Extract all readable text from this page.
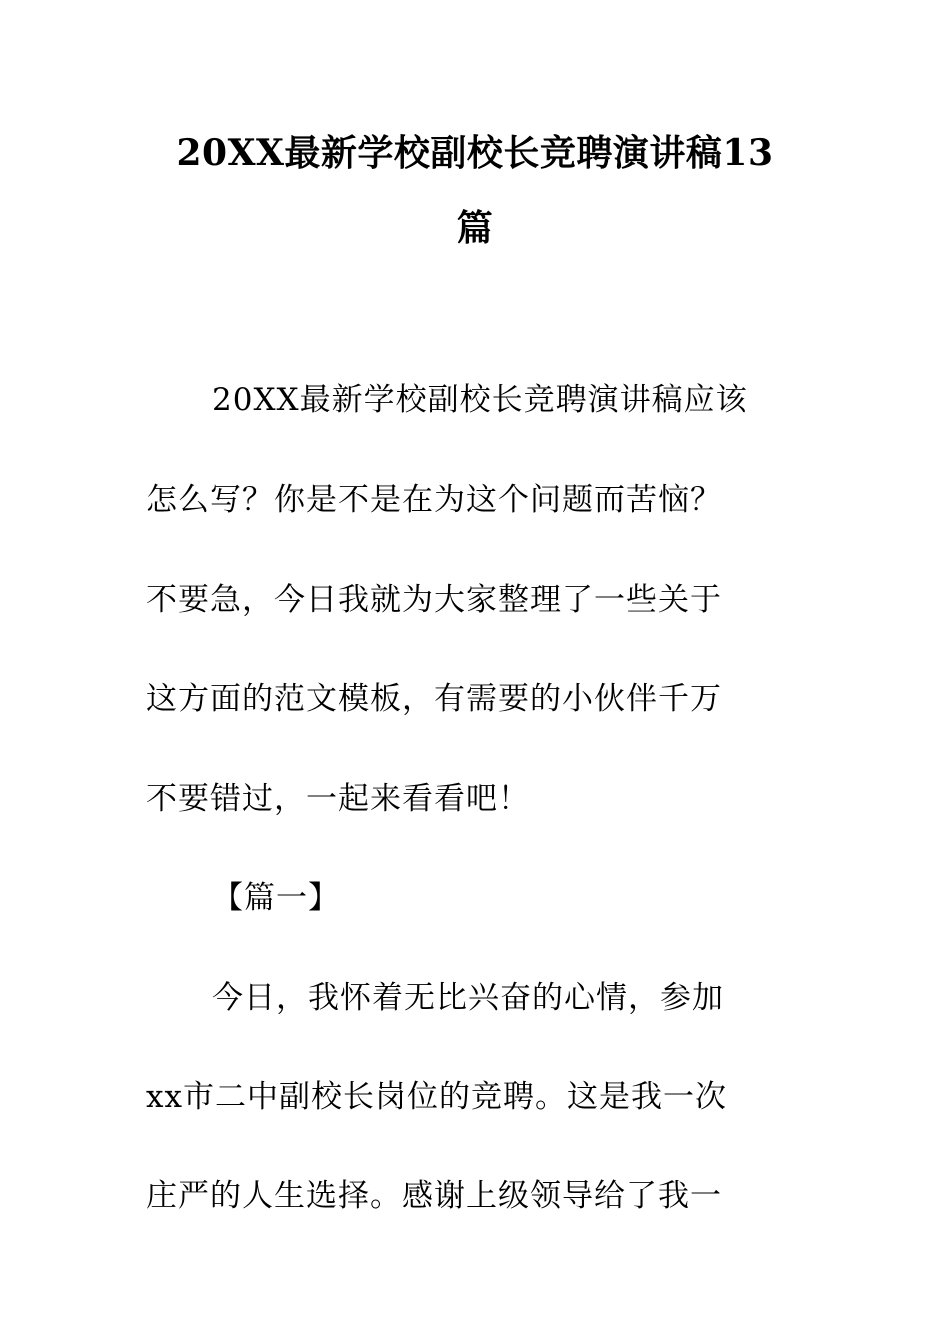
20XX最新学校副校长竞聘演讲稿13
篇
20XX最新学校副校长竞聘演讲稿应该
怎么写？你是不是在为这个问题而苦恼？
不要急，今日我就为大家整理了一些关于
这方面的范文模板，有需要的小伙伴千万
不要错过，一起来看看吧！
【篇一】
今日，我怀着无比兴奋的心情，参加
xx市二中副校长岗位的竞聘。这是我一次
庄严的人生选择。感谢上级领导给了我一
